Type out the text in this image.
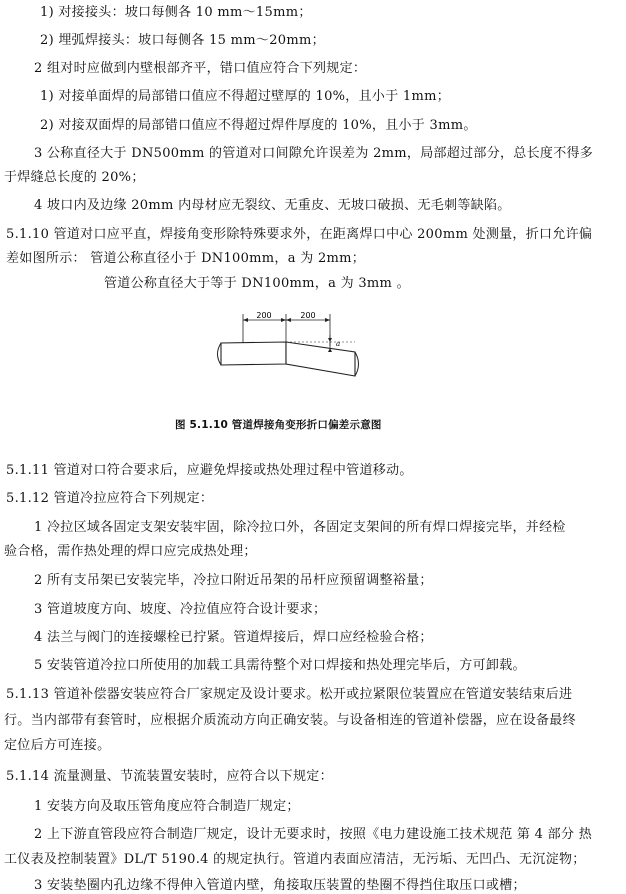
1) 对接接头：坡口每侧各 10 mm～15mm；
2) 埋弧焊接头：坡口每侧各 15 mm～20mm；
2 组对时应做到内壁根部齐平，错口值应符合下列规定：
1) 对接单面焊的局部错口值应不得超过壁厚的 10%，且小于 1mm；
2) 对接双面焊的局部错口值应不得超过焊件厚度的 10%，且小于 3mm。
3 公称直径大于 DN500mm 的管道对口间隙允许误差为 2mm，局部超过部分，总长度不得多
于焊缝总长度的 20%；
4 坡口内及边缘 20mm 内母材应无裂纹、无重皮、无坡口破损、无毛刺等缺陷。
5.1.10 管道对口应平直，焊接角变形除特殊要求外，在距离焊口中心 200mm 处测量，折口允许偏
差如图所示： 管道公称直径小于 DN100mm，a 为 2mm；
管道公称直径大于等于 DN100mm，a 为 3mm 。
200	200
a
图 5.1.10 管道焊接角变形折口偏差示意图
5.1.11 管道对口符合要求后，应避免焊接或热处理过程中管道移动。
5.1.12 管道冷拉应符合下列规定：
1 冷拉区域各固定支架安装牢固，除冷拉口外，各固定支架间的所有焊口焊接完毕，并经检
验合格，需作热处理的焊口应完成热处理；
2 所有支吊架已安装完毕，冷拉口附近吊架的吊杆应预留调整裕量；
3 管道坡度方向、坡度、冷拉值应符合设计要求；
4 法兰与阀门的连接螺栓已拧紧。管道焊接后，焊口应经检验合格；
5 安装管道冷拉口所使用的加载工具需待整个对口焊接和热处理完毕后，方可卸载。
5.1.13 管道补偿器安装应符合厂家规定及设计要求。松开或拉紧限位装置应在管道安装结束后进
行。当内部带有套管时，应根据介质流动方向正确安装。与设备相连的管道补偿器，应在设备最终
定位后方可连接。
5.1.14 流量测量、节流装置安装时，应符合以下规定：
1 安装方向及取压管角度应符合制造厂规定；
2 上下游直管段应符合制造厂规定，设计无要求时，按照《电力建设施工技术规范 第 4 部分 热
工仪表及控制装置》DL/T 5190.4 的规定执行。管道内表面应清洁，无污垢、无凹凸、无沉淀物；
3 安装垫圈内孔边缘不得伸入管道内壁，角接取压装置的垫圈不得挡住取压口或槽；
